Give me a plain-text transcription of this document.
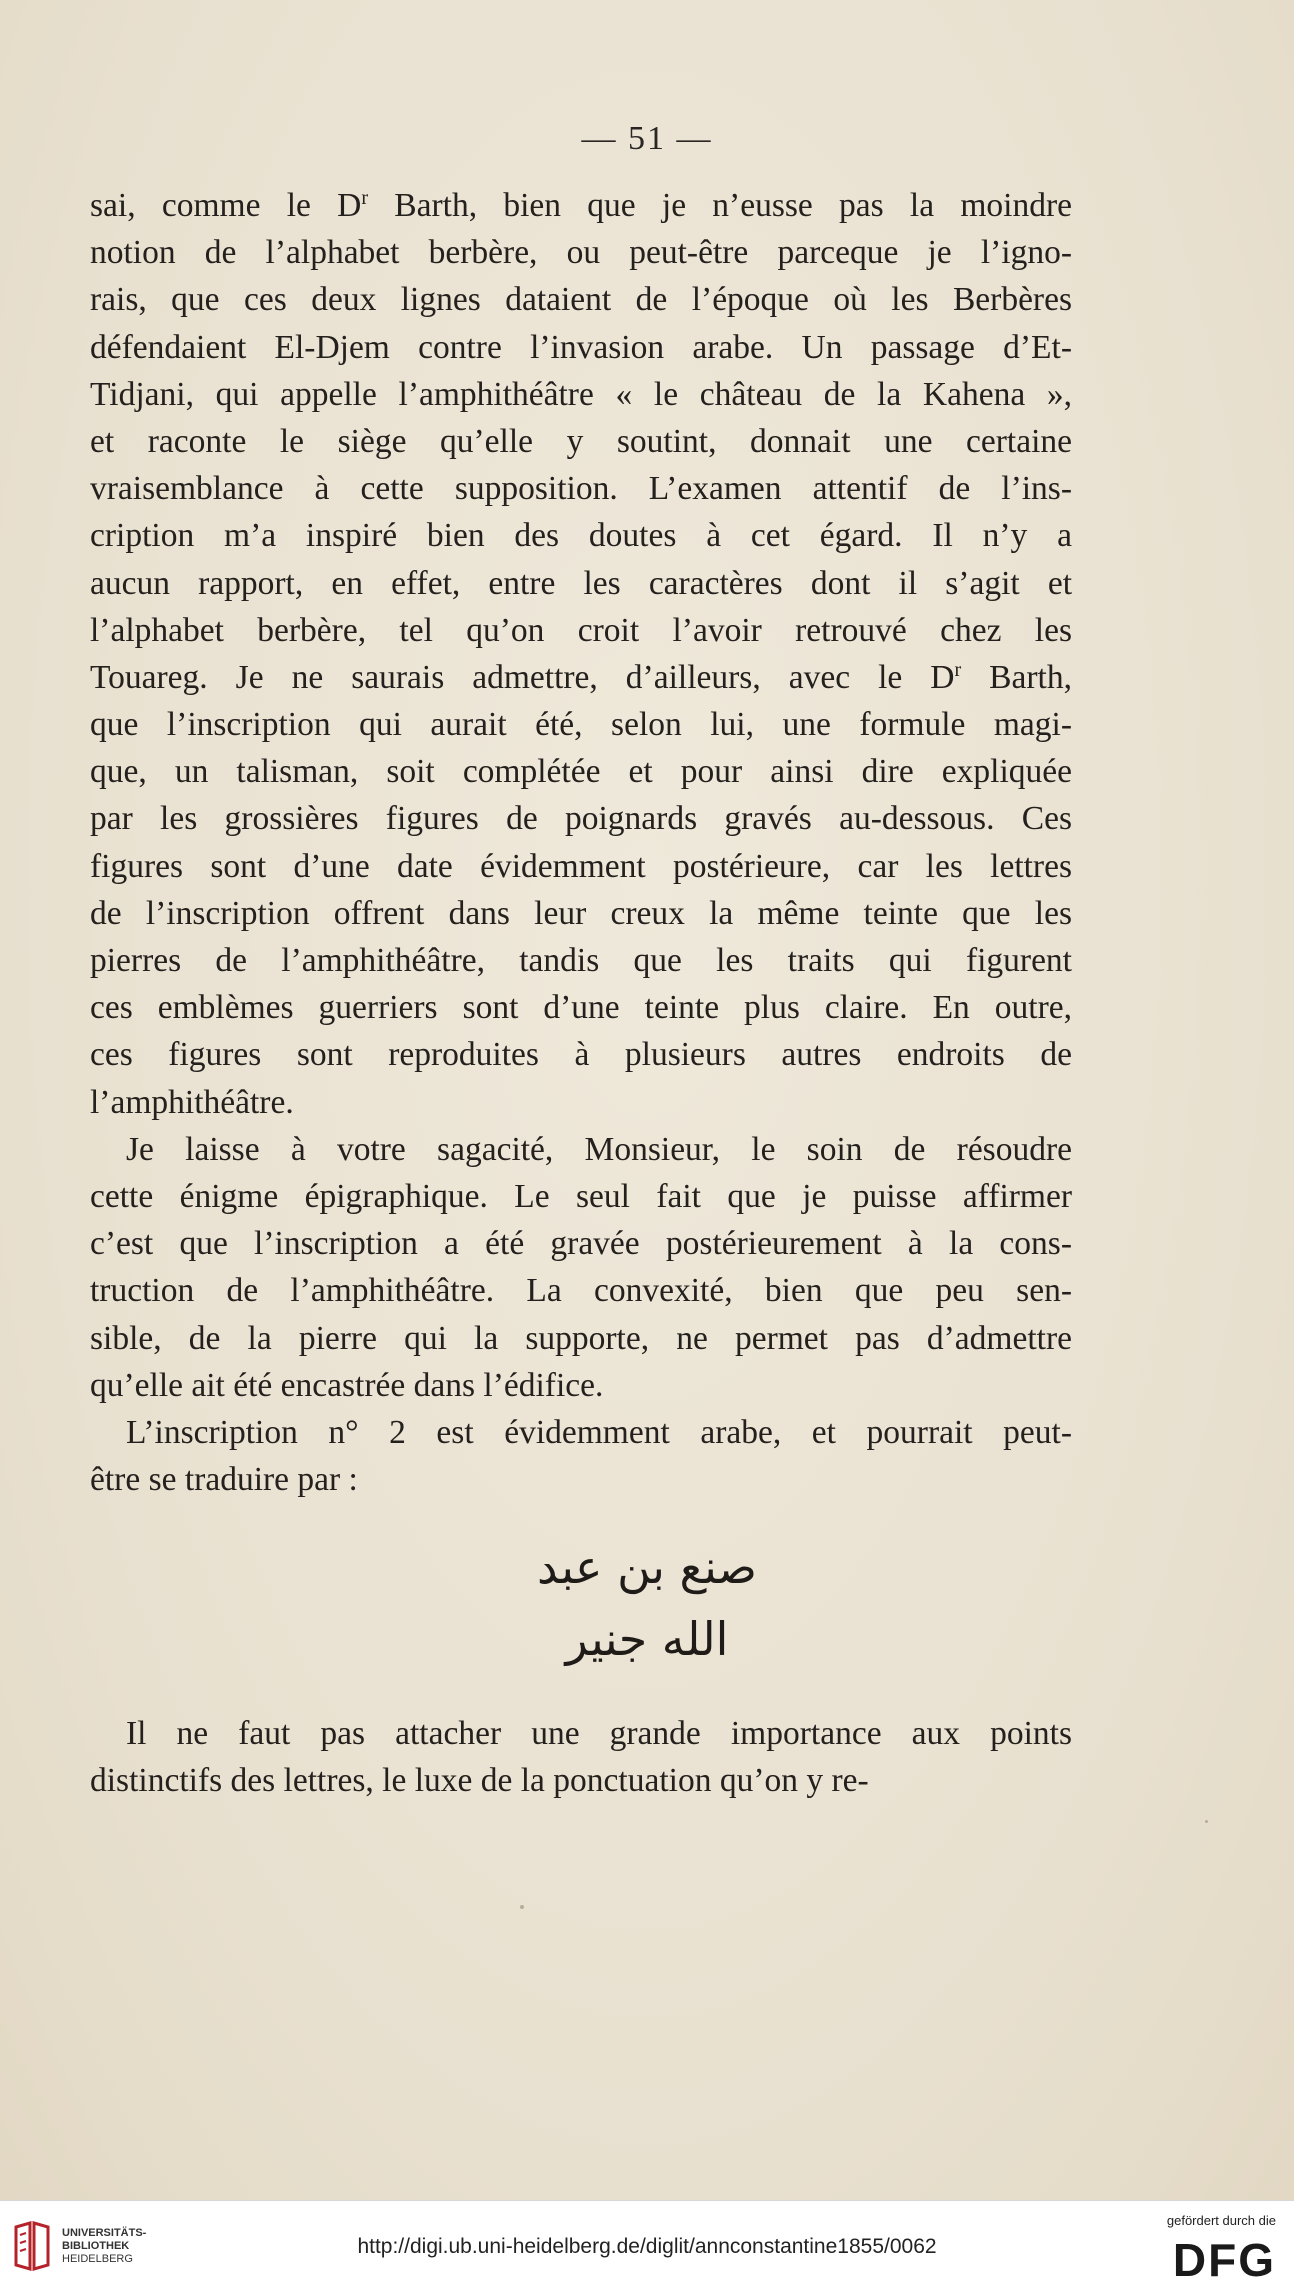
— 51 —
sai, comme le $D^r$ Barth, bien que je n’eusse pas la moindre
notion de l’alphabet berbère, ou peut-être parceque je l’igno-
rais, que ces deux lignes dataient de l’époque où les Berbères
défendaient El-Djem contre l’invasion arabe. Un passage d’Et-
Tidjani, qui appelle l’amphithéâtre « le château de la Kahena »,
et raconte le siège qu’elle y soutint, donnait une certaine
vraisemblance à cette supposition. L’examen attentif de l’ins-
cription m’a inspiré bien des doutes à cet égard. Il n’y a
aucun rapport, en effet, entre les caractères dont il s’agit et
l’alphabet berbère, tel qu’on croit l’avoir retrouvé chez les
Touareg. Je ne saurais admettre, d’ailleurs, avec le $D^r$ Barth,
que l’inscription qui aurait été, selon lui, une formule magi-
que, un talisman, soit complétée et pour ainsi dire expliquée
par les grossières figures de poignards gravés au-dessous. Ces
figures sont d’une date évidemment postérieure, car les lettres
de l’inscription offrent dans leur creux la même teinte que les
pierres de l’amphithéâtre, tandis que les traits qui figurent
ces emblèmes guerriers sont d’une teinte plus claire. En outre,
ces figures sont reproduites à plusieurs autres endroits de
l’amphithéâtre.
Je laisse à votre sagacité, Monsieur, le soin de résoudre
cette énigme épigraphique. Le seul fait que je puisse affirmer
c’est que l’inscription a été gravée postérieurement à la cons-
truction de l’amphithéâtre. La convexité, bien que peu sen-
sible, de la pierre qui la supporte, ne permet pas d’admettre
qu’elle ait été encastrée dans l’édifice.
L’inscription n° 2 est évidemment arabe, et pourrait peut-
être se traduire par :
صنع بن عبد
الله جنير
Il ne faut pas attacher une grande importance aux points
distinctifs des lettres, le luxe de la ponctuation qu’on y re-
UNIVERSITÄTS-
BIBLIOTHEK
HEIDELBERG
http://digi.ub.uni-heidelberg.de/diglit/annconstantine1855/0062
gefördert durch die
DFG
